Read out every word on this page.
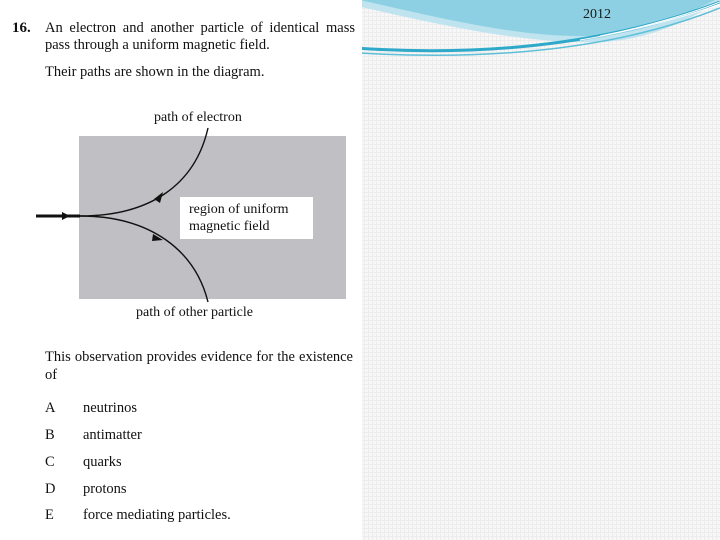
2012
16. An electron and another particle of identical mass pass through a uniform magnetic field.
Their paths are shown in the diagram.
path of electron
region of uniform magnetic field
path of other particle
This observation provides evidence for the existence of
A neutrinos
B antimatter
C quarks
D protons
E force mediating particles.
